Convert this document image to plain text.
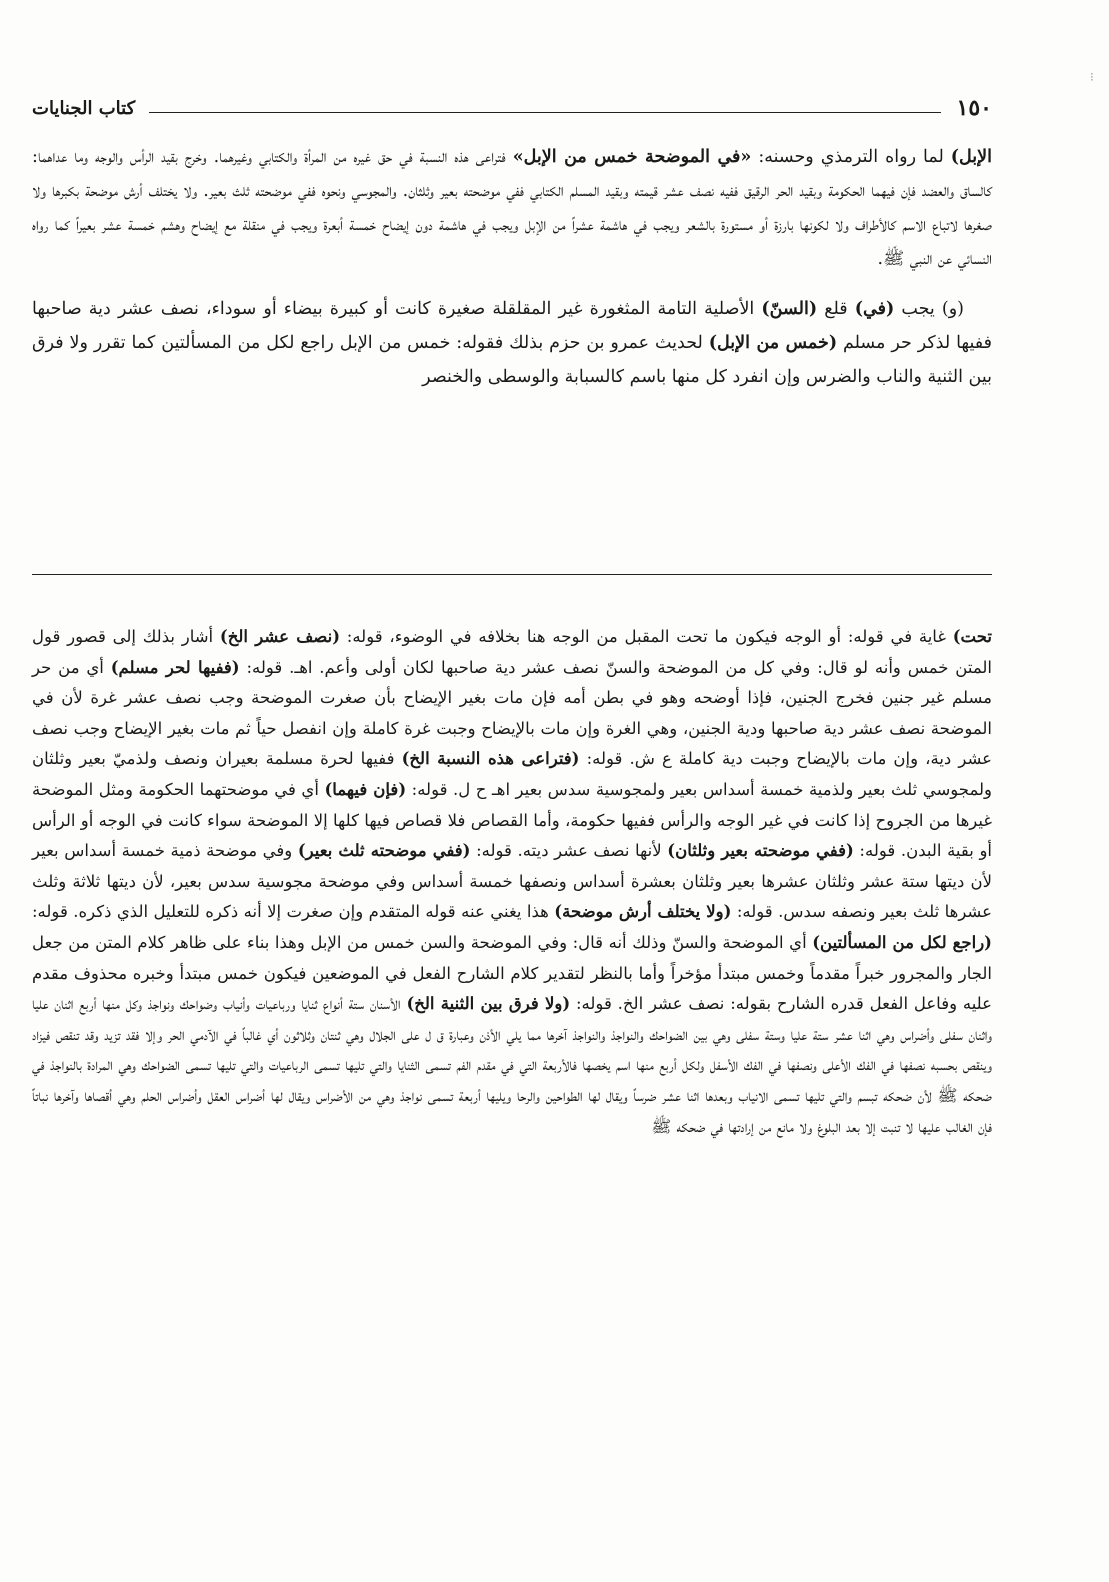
١٥٠
كتاب الجنايات

الإبل) لما رواه الترمذي وحسنه: «في الموضحة خمس من الإبل» فتراعى هذه النسبة في حق غيره من المرأة والكتابي وغيرهما. وخرج بقيد الرأس والوجه وما عداهما: كالساق والعضد فإن فيهما الحكومة وبقيد الحر الرقيق ففيه نصف عشر قيمته وبقيد المسلم الكتابي ففي موضحته بعير وثلثان. والمجوسي ونحوه ففي موضحته ثلث بعير. ولا يختلف أرش موضحة بكبرها ولا صغرها لاتباع الاسم كالأطراف ولا لكونها بارزة أو مستورة بالشعر ويجب في هاشمة عشراً من الإبل ويجب في هاشمة دون إيضاح خمسة أبعرة ويجب في منقلة مع إيضاح وهشم خمسة عشر بعيراً كما رواه النسائي عن النبي ﷺ.

(و) يجب (في) قلع (السنّ) الأصلية التامة المثغورة غير المقلقلة صغيرة كانت أو كبيرة بيضاء أو سوداء، نصف عشر دية صاحبها ففيها لذكر حر مسلم (خمس من الإبل) لحديث عمرو بن حزم بذلك فقوله: خمس من الإبل راجع لكل من المسألتين كما تقرر ولا فرق بين الثنية والناب والضرس وإن انفرد كل منها باسم كالسبابة والوسطى والخنصر

تحت) غاية في قوله: أو الوجه فيكون ما تحت المقبل من الوجه هنا بخلافه في الوضوء، قوله: (نصف عشر الخ) أشار بذلك إلى قصور قول المتن خمس وأنه لو قال: وفي كل من الموضحة والسنّ نصف عشر دية صاحبها لكان أولى وأعم. اهـ. قوله: (ففيها لحر مسلم) أي من حر مسلم غير جنين فخرج الجنين، فإذا أوضحه وهو في بطن أمه فإن مات بغير الإيضاح بأن صغرت الموضحة وجب نصف عشر غرة لأن في الموضحة نصف عشر دية صاحبها ودية الجنين، وهي الغرة وإن مات بالإيضاح وجبت غرة كاملة وإن انفصل حياً ثم مات بغير الإيضاح وجب نصف عشر دية، وإن مات بالإيضاح وجبت دية كاملة ع ش. قوله: (فتراعى هذه النسبة الخ) ففيها لحرة مسلمة بعيران ونصف ولذميّ بعير وثلثان ولمجوسي ثلث بعير ولذمية خمسة أسداس بعير ولمجوسية سدس بعير اهـ ح ل. قوله: (فإن فيهما) أي في موضحتهما الحكومة ومثل الموضحة غيرها من الجروح إذا كانت في غير الوجه والرأس ففيها حكومة، وأما القصاص فلا قصاص فيها كلها إلا الموضحة سواء كانت في الوجه أو الرأس أو بقية البدن. قوله: (ففي موضحته بعير وثلثان) لأنها نصف عشر ديته. قوله: (ففي موضحته ثلث بعير) وفي موضحة ذمية خمسة أسداس بعير لأن ديتها ستة عشر وثلثان عشرها بعير وثلثان بعشرة أسداس ونصفها خمسة أسداس وفي موضحة مجوسية سدس بعير، لأن ديتها ثلاثة وثلث عشرها ثلث بعير ونصفه سدس. قوله: (ولا يختلف أرش موضحة) هذا يغني عنه قوله المتقدم وإن صغرت إلا أنه ذكره للتعليل الذي ذكره. قوله: (راجع لكل من المسألتين) أي الموضحة والسنّ وذلك أنه قال: وفي الموضحة والسن خمس من الإبل وهذا بناء على ظاهر كلام المتن من جعل الجار والمجرور خبراً مقدماً وخمس مبتدأ مؤخراً وأما بالنظر لتقدير كلام الشارح الفعل في الموضعين فيكون خمس مبتدأ وخبره محذوف مقدم عليه وفاعل الفعل قدره الشارح بقوله: نصف عشر الخ. قوله: (ولا فرق بين الثنية الخ) الأسنان ستة أنواع ثنايا ورباعيات وأنياب وضواحك ونواجذ وكل منها أربع اثنان عليا واثنان سفلى وأضراس وهي اثنا عشر ستة عليا وستة سفلى وهي بين الضواحك والنواجذ والنواجذ آخرها مما يلي الأذن وعبارة ق ل على الجلال وهي ثنتان وثلاثون أي غالباً في الآدمي الحر وإلا فقد تزيد وقد تنقص فيزاد وينقص بحسبه نصفها في الفك الأعلى ونصفها في الفك الأسفل ولكل أربع منها اسم يخصها فالأربعة التي في مقدم الفم تسمى الثنايا والتي تليها تسمى الرباعيات والتي تليها تسمى الضواحك وهي المرادة بالنواجذ في ضحكه ﷺ لأن ضحكه تبسم والتي تليها تسمى الانياب وبعدها اثنا عشر ضرساً ويقال لها الطواحين والرحا ويليها أربعة تسمى نواجذ وهي من الأضراس ويقال لها أضراس العقل وأضراس الحلم وهي أقصاها وآخرها نباتاً فإن الغالب عليها لا تنبت إلا بعد البلوغ ولا مانع من إرادتها في ضحكه ﷺ

⁝
